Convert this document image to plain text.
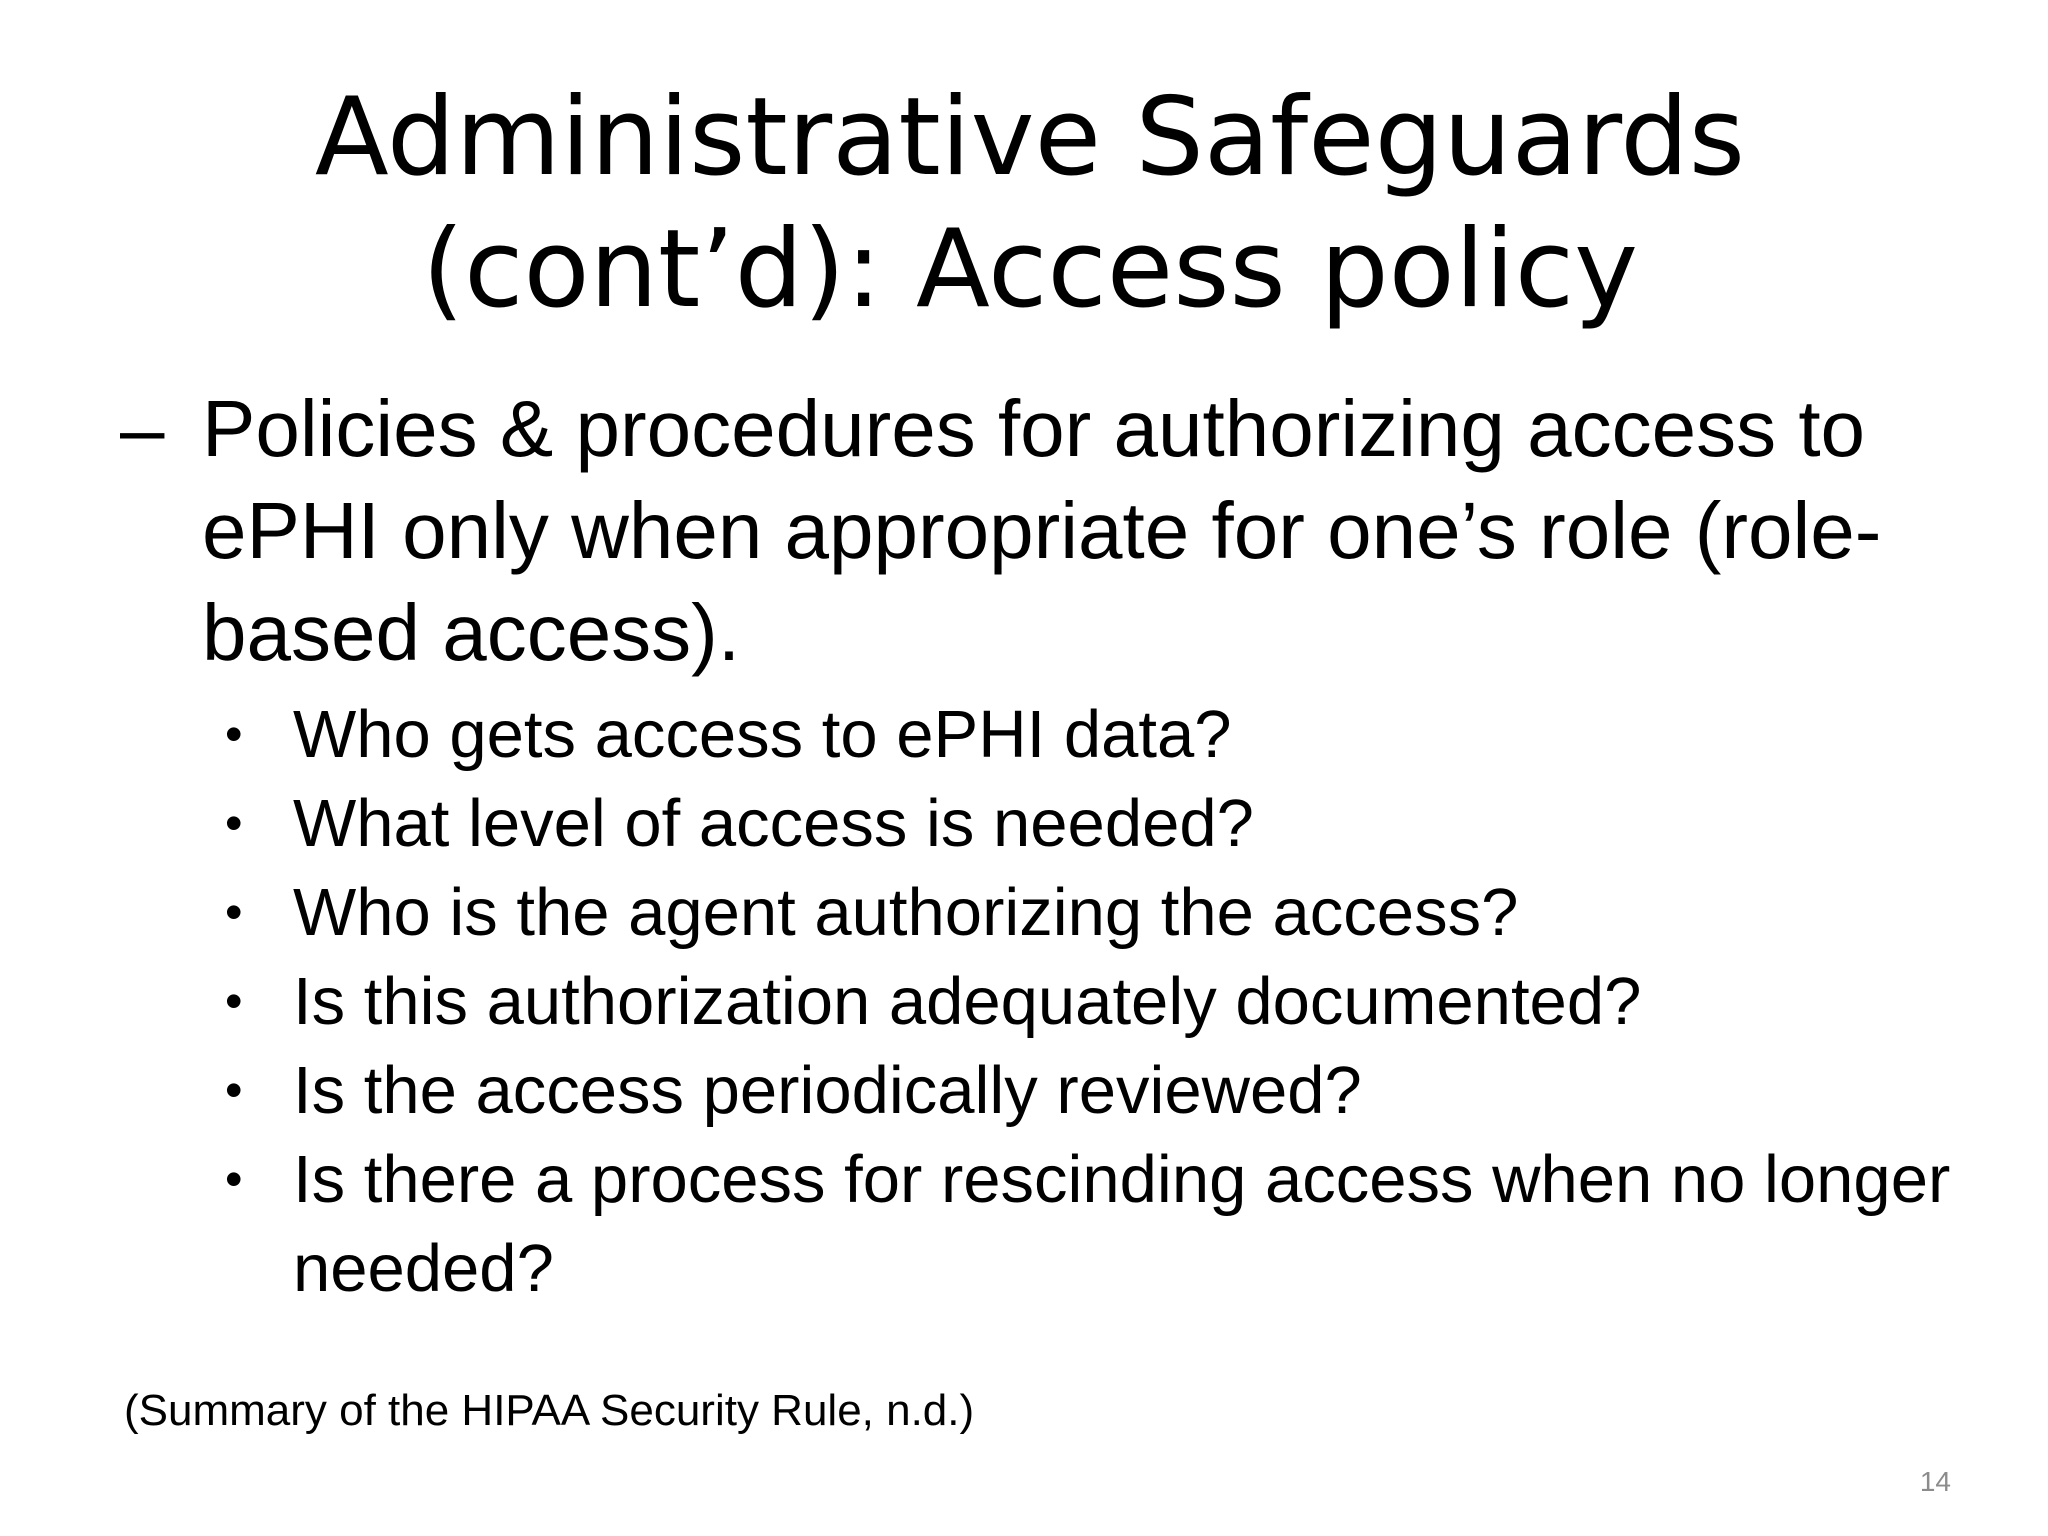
Administrative Safeguards
(cont’d): Access policy
– Policies & procedures for authorizing access to ePHI only when appropriate for one’s role (role-based access).
• Who gets access to ePHI data?
• What level of access is needed?
• Who is the agent authorizing the access?
• Is this authorization adequately documented?
• Is the access periodically reviewed?
• Is there a process for rescinding access when no longer needed?
(Summary of the HIPAA Security Rule, n.d.)
14
